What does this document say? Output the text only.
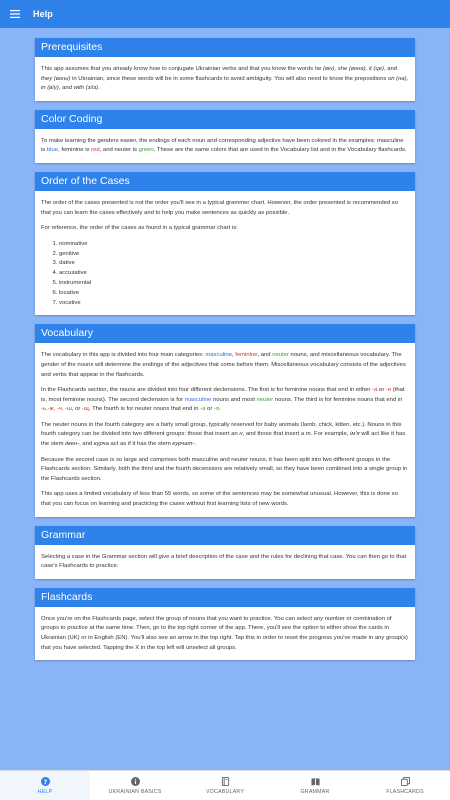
Help
Prerequisites

This app assumes that you already know how to conjugate Ukrainian verbs and that you know the words he (він), she (вона), it (це), and they (вони) in Ukrainian, since these words will be in some flashcards to avoid ambiguity. You will also need to know the prepositions on (на), in (в/у), and with (з/із).

Color Coding

To make learning the genders easier, the endings of each noun and corresponding adjective have been colored in the examples: masculine is blue, feminine is red, and neuter is green. These are the same colors that are used in the Vocabulary list and in the Vocabulary flashcards.

Order of the Cases

The order of the cases presented is not the order you'll see in a typical grammer chart. However, the order presented is recommended so that you can learn the cases effectively and to help you make sentences as quickly as possible.

For reference, the order of the cases as found in a typical grammar chart is:

1. nominative
2. genitive
3. dative
4. accusative
5. instrumental
6. locative
7. vocative
Vocabulary

The vocabulary in this app is divided into four main categories: masculine, feminine, and neuter nouns, and miscellaneous vocabulary. The gender of the nouns will determine the endings of the adjectives that come before them. Miscellaneous vocabulary consists of the adjectives and verbs that appear in the flashcards.

In the Flashcards section, the nouns are divided into four different declensions. The first is for feminine nouns that end in either -а or -я (that is, most feminine nouns). The second declension is for masculine nouns and most neuter nouns. The third is for feminine nouns that end in -ь,-ж, -ч, -ш, or -щ. The fourth is for neuter nouns that end in -а or -я.

The neuter nouns in the fourth category are a fairly small group, typically reserved for baby animals (lamb, chick, kitten, etc.). Nouns in this fourth category can be divided into two different groups: those that insert an н, and those that insert a т. For example, ім'я will act like it has the stem імен-, and курча act as if it has the stem курчат-.

Because the second case is so large and comprises both masculine and neuter nouns, it has been split into two different groups in the Flashcards section. Similarly, both the third and the fourth decensions are relatively small, so they have been combined into a single group in the Flashcards section.

This app uses a limited vocabulary of less than 55 words, so some of the sentences may be somewhat unusual. However, this is done so that you can focus on learning and practicing the cases without first learning lists of new words.

Grammar

Selecting a case in the Grammar section will give a brief description of the case and the rules for declining that case. You can then go to that case's Flashcards to practice.

Flashcards

Once you're on the Flashcards page, select the group of nouns that you want to practice. You can select any number or combination of groups to practice at the same time. Then, go to the top right corner of the app. There, you'll see the option to either show the cards in Ukrainian (UK) or in English (EN). You'll also see an arrow in the top right. Tap this in order to reset the progress you've made in any group(s) that you have selected. Tapping the X in the top left will unselect all groups.

?
HELP	UKRAINIAN BASICS	VOCABULARY	GRAMMAR	FLASHCARDS
